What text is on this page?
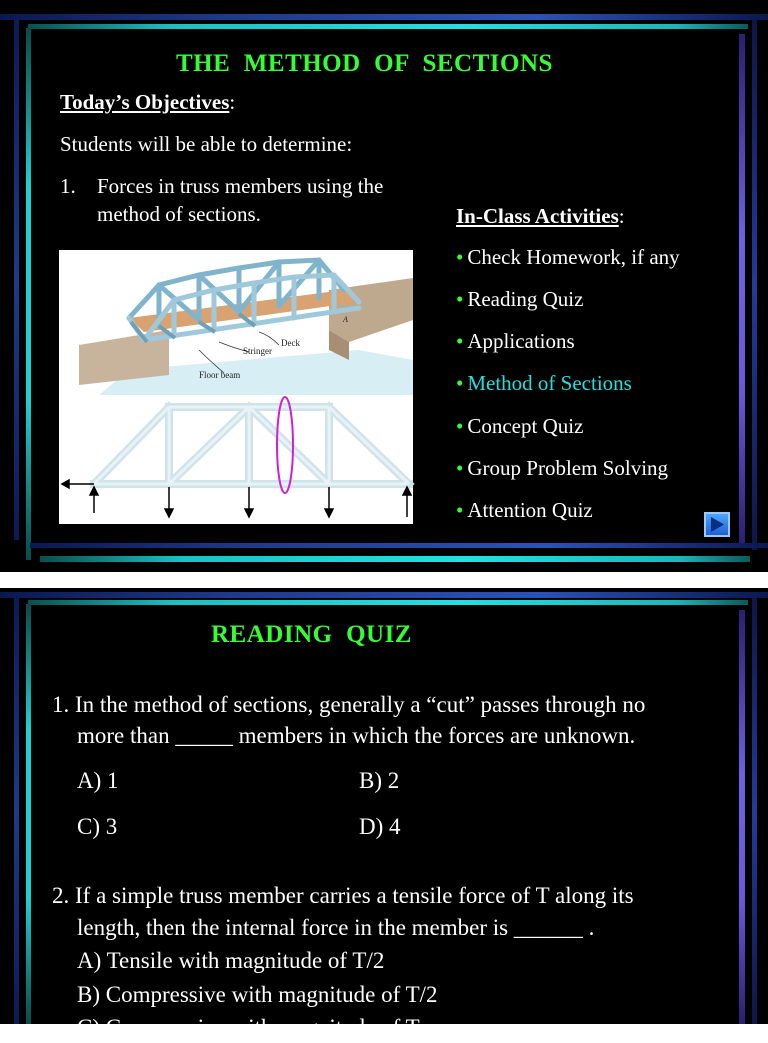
THE  METHOD  OF  SECTIONS
Today’s Objectives:
Students will be able to determine:
1. Forces in truss members using the
method of sections.	In-Class Activities:
• Check Homework, if any
• Reading Quiz
• Applications
• Method of Sections
• Concept Quiz
• Group Problem Solving
• Attention Quiz
Deck
Stringer
Floor beam
A
READING  QUIZ
1. In the method of sections, generally a “cut” passes through no
more than _____ members in which the forces are unknown.
A) 1	B) 2
C) 3	D) 4
2. If a simple truss member carries a tensile force of T along its
length, then the internal force in the member is ______ .
A) Tensile with magnitude of T/2
B) Compressive with magnitude of T/2
C) Compressive with magnitude of T
